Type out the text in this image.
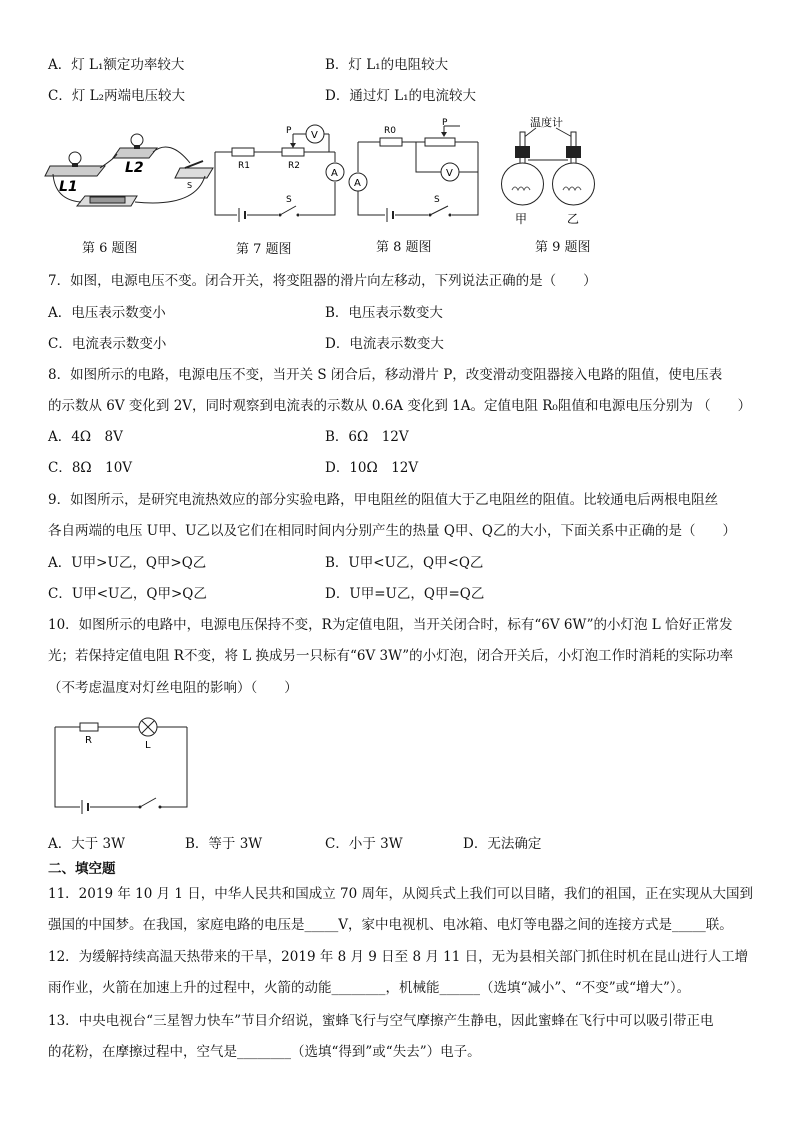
A．灯 L₁额定功率较大	B．灯 L₁的电阻较大
C．灯 L₂两端电压较大	D．通过灯 L₁的电流较大
L1
L2
S
A
V
P
R1	R2
S
A
P
R0
V
S
温度计
甲	乙
第 6 题图	第 7 题图	第 8 题图	第 9 题图
7．如图，电源电压不变。闭合开关，将变阻器的滑片向左移动，下列说法正确的是（　　）
A．电压表示数变小	B．电压表示数变大
C．电流表示数变小	D．电流表示数变大
8．如图所示的电路，电源电压不变，当开关 S 闭合后，移动滑片 P，改变滑动变阻器接入电路的阻值，使电压表
的示数从 6V 变化到 2V，同时观察到电流表的示数从 0.6A 变化到 1A。定值电阻 R₀阻值和电源电压分别为 （　　）
A．4Ω　8V	B．6Ω　12V
C．8Ω　10V	D．10Ω　12V
9．如图所示，是研究电流热效应的部分实验电路，甲电阻丝的阻值大于乙电阻丝的阻值。比较通电后两根电阻丝
各自两端的电压 U甲、U乙以及它们在相同时间内分别产生的热量 Q甲、Q乙的大小，下面关系中正确的是（　　）
A．U甲>U乙，Q甲>Q乙	B．U甲<U乙，Q甲<Q乙
C．U甲<U乙，Q甲>Q乙	D．U甲=U乙，Q甲=Q乙
10．如图所示的电路中，电源电压保持不变，R为定值电阻，当开关闭合时，标有“6V 6W”的小灯泡 L 恰好正常发
光；若保持定值电阻 R不变，将 L 换成另一只标有“6V 3W”的小灯泡，闭合开关后，小灯泡工作时消耗的实际功率
（不考虑温度对灯丝电阻的影响）（　　）
R	L
A．大于 3W	B．等于 3W	C．小于 3W	D．无法确定
二、填空题
11．2019 年 10 月 1 日，中华人民共和国成立 70 周年，从阅兵式上我们可以目睹，我们的祖国，正在实现从大国到
强国的中国梦。在我国，家庭电路的电压是_____V，家中电视机、电冰箱、电灯等电器之间的连接方式是_____联。
12．为缓解持续高温天热带来的干旱，2019 年 8 月 9 日至 8 月 11 日，无为县相关部门抓住时机在昆山进行人工增
雨作业，火箭在加速上升的过程中，火箭的动能________，机械能______（选填“减小”、“不变”或“增大”）。
13．中央电视台“三星智力快车”节目介绍说，蜜蜂飞行与空气摩擦产生静电，因此蜜蜂在飞行中可以吸引带正电
的花粉，在摩擦过程中，空气是________（选填“得到”或“失去”）电子。
